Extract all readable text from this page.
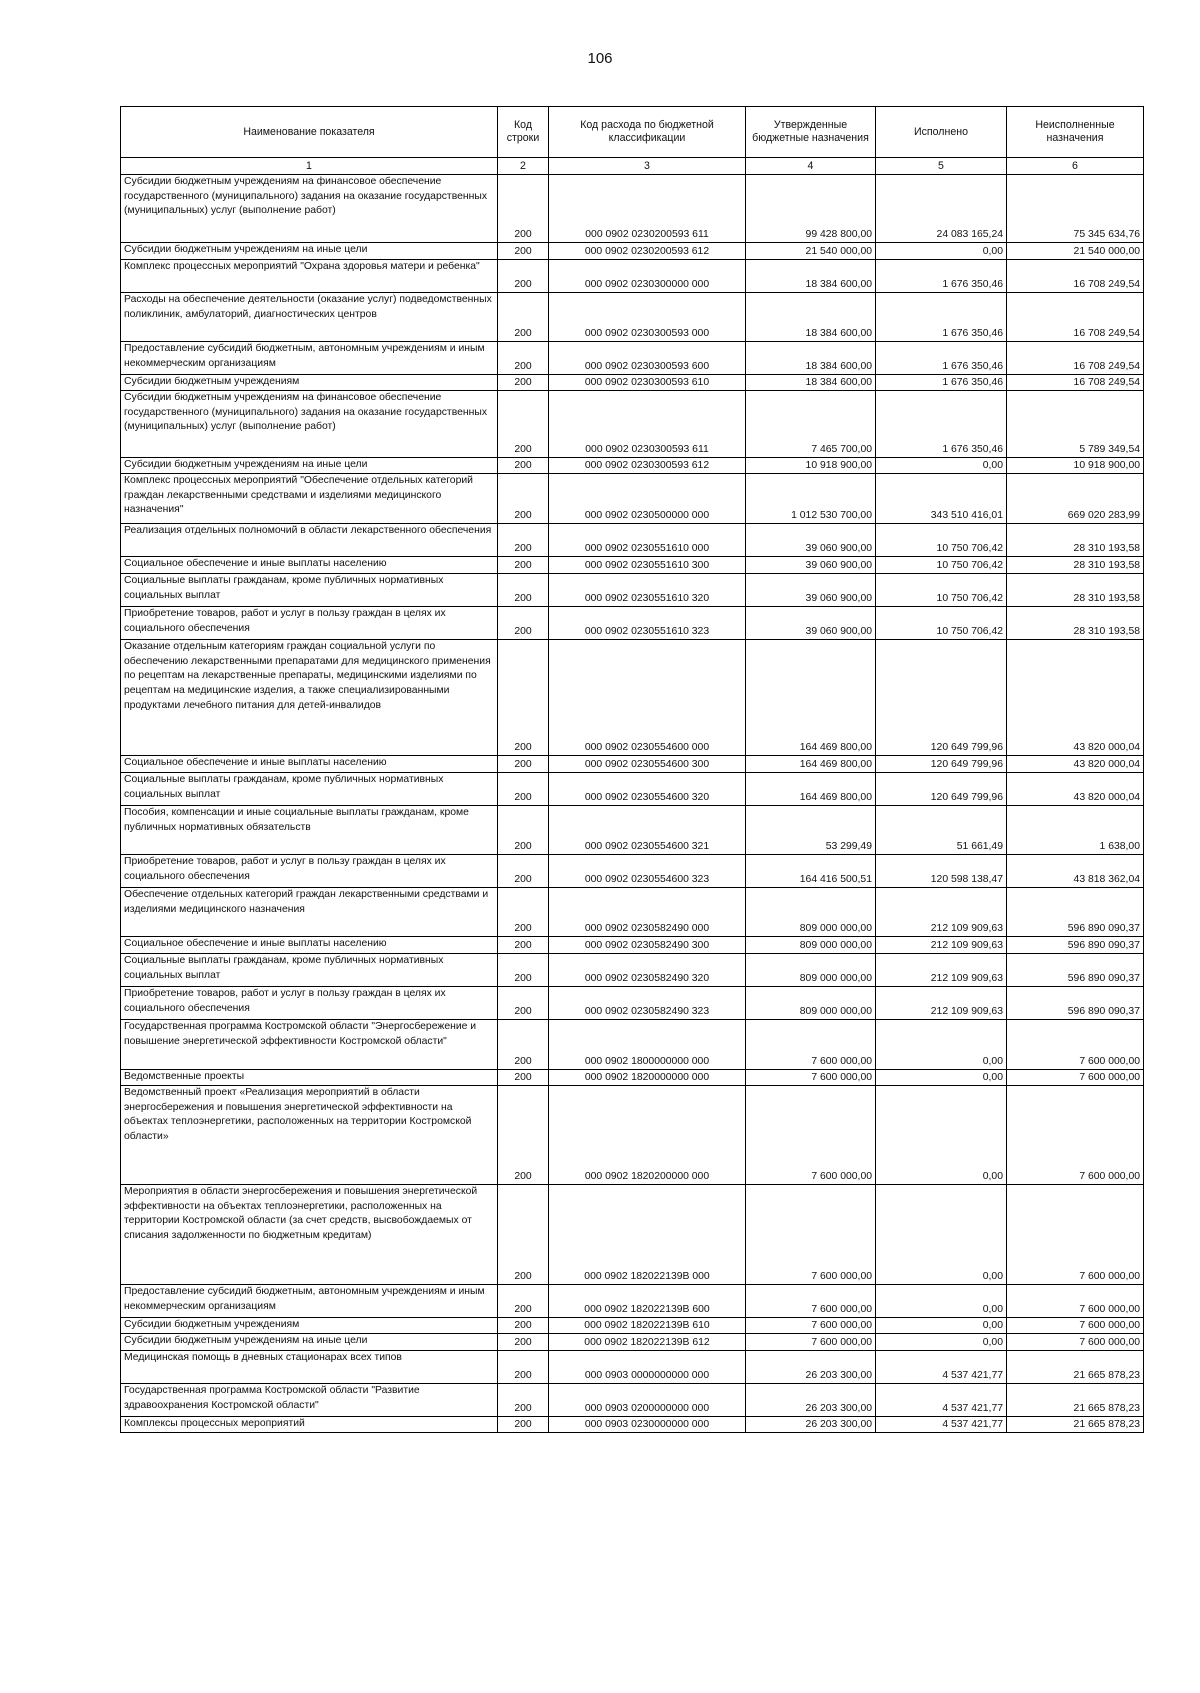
106
Наименование показателя	Код строки	Код расхода по бюджетной классификации	Утвержденные бюджетные назначения	Исполнено	Неисполненные назначения
1	2	3	4	5	6
Субсидии бюджетным учреждениям на финансовое обеспечение государственного (муниципального) задания на оказание государственных (муниципальных) услуг (выполнение работ)	200	000 0902 0230200593 611	99 428 800,00	24 083 165,24	75 345 634,76
Субсидии бюджетным учреждениям на иные цели	200	000 0902 0230200593 612	21 540 000,00	0,00	21 540 000,00
Комплекс процессных мероприятий "Охрана здоровья матери и ребенка"	200	000 0902 0230300000 000	18 384 600,00	1 676 350,46	16 708 249,54
Расходы на обеспечение деятельности (оказание услуг) подведомственных поликлиник, амбулаторий, диагностических центров	200	000 0902 0230300593 000	18 384 600,00	1 676 350,46	16 708 249,54
Предоставление субсидий бюджетным, автономным учреждениям и иным некоммерческим организациям	200	000 0902 0230300593 600	18 384 600,00	1 676 350,46	16 708 249,54
Субсидии бюджетным учреждениям	200	000 0902 0230300593 610	18 384 600,00	1 676 350,46	16 708 249,54
Субсидии бюджетным учреждениям на финансовое обеспечение государственного (муниципального) задания на оказание государственных (муниципальных) услуг (выполнение работ)	200	000 0902 0230300593 611	7 465 700,00	1 676 350,46	5 789 349,54
Субсидии бюджетным учреждениям на иные цели	200	000 0902 0230300593 612	10 918 900,00	0,00	10 918 900,00
Комплекс процессных мероприятий "Обеспечение отдельных категорий граждан лекарственными средствами и изделиями медицинского назначения"	200	000 0902 0230500000 000	1 012 530 700,00	343 510 416,01	669 020 283,99
Реализация отдельных полномочий в области лекарственного обеспечения	200	000 0902 0230551610 000	39 060 900,00	10 750 706,42	28 310 193,58
Социальное обеспечение и иные выплаты населению	200	000 0902 0230551610 300	39 060 900,00	10 750 706,42	28 310 193,58
Социальные выплаты гражданам, кроме публичных нормативных социальных выплат	200	000 0902 0230551610 320	39 060 900,00	10 750 706,42	28 310 193,58
Приобретение товаров, работ и услуг в пользу граждан в целях их социального обеспечения	200	000 0902 0230551610 323	39 060 900,00	10 750 706,42	28 310 193,58
Оказание отдельным категориям граждан социальной услуги по обеспечению лекарственными препаратами для медицинского применения по рецептам на лекарственные препараты, медицинскими изделиями по рецептам на медицинские изделия, а также специализированными продуктами лечебного питания для детей-инвалидов	200	000 0902 0230554600 000	164 469 800,00	120 649 799,96	43 820 000,04
Социальное обеспечение и иные выплаты населению	200	000 0902 0230554600 300	164 469 800,00	120 649 799,96	43 820 000,04
Социальные выплаты гражданам, кроме публичных нормативных социальных выплат	200	000 0902 0230554600 320	164 469 800,00	120 649 799,96	43 820 000,04
Пособия, компенсации и иные социальные выплаты гражданам, кроме публичных нормативных обязательств	200	000 0902 0230554600 321	53 299,49	51 661,49	1 638,00
Приобретение товаров, работ и услуг в пользу граждан в целях их социального обеспечения	200	000 0902 0230554600 323	164 416 500,51	120 598 138,47	43 818 362,04
Обеспечение отдельных категорий граждан лекарственными средствами и изделиями медицинского назначения	200	000 0902 0230582490 000	809 000 000,00	212 109 909,63	596 890 090,37
Социальное обеспечение и иные выплаты населению	200	000 0902 0230582490 300	809 000 000,00	212 109 909,63	596 890 090,37
Социальные выплаты гражданам, кроме публичных нормативных социальных выплат	200	000 0902 0230582490 320	809 000 000,00	212 109 909,63	596 890 090,37
Приобретение товаров, работ и услуг в пользу граждан в целях их социального обеспечения	200	000 0902 0230582490 323	809 000 000,00	212 109 909,63	596 890 090,37
Государственная программа Костромской области "Энергосбережение и повышение энергетической эффективности Костромской области"	200	000 0902 1800000000 000	7 600 000,00	0,00	7 600 000,00
Ведомственные проекты	200	000 0902 1820000000 000	7 600 000,00	0,00	7 600 000,00
Ведомственный проект «Реализация мероприятий в области энергосбережения и повышения энергетической эффективности на объектах теплоэнергетики, расположенных на территории Костромской области»	200	000 0902 1820200000 000	7 600 000,00	0,00	7 600 000,00
Мероприятия в области энергосбережения и повышения энергетической эффективности на объектах теплоэнергетики, расположенных на территории Костромской области (за счет средств, высвобождаемых от списания задолженности по бюджетным кредитам)	200	000 0902 182022139В 000	7 600 000,00	0,00	7 600 000,00
Предоставление субсидий бюджетным, автономным учреждениям и иным некоммерческим организациям	200	000 0902 182022139В 600	7 600 000,00	0,00	7 600 000,00
Субсидии бюджетным учреждениям	200	000 0902 182022139В 610	7 600 000,00	0,00	7 600 000,00
Субсидии бюджетным учреждениям на иные цели	200	000 0902 182022139В 612	7 600 000,00	0,00	7 600 000,00
Медицинская помощь в дневных стационарах всех типов	200	000 0903 0000000000 000	26 203 300,00	4 537 421,77	21 665 878,23
Государственная программа Костромской области "Развитие здравоохранения Костромской области"	200	000 0903 0200000000 000	26 203 300,00	4 537 421,77	21 665 878,23
Комплексы процессных мероприятий	200	000 0903 0230000000 000	26 203 300,00	4 537 421,77	21 665 878,23
